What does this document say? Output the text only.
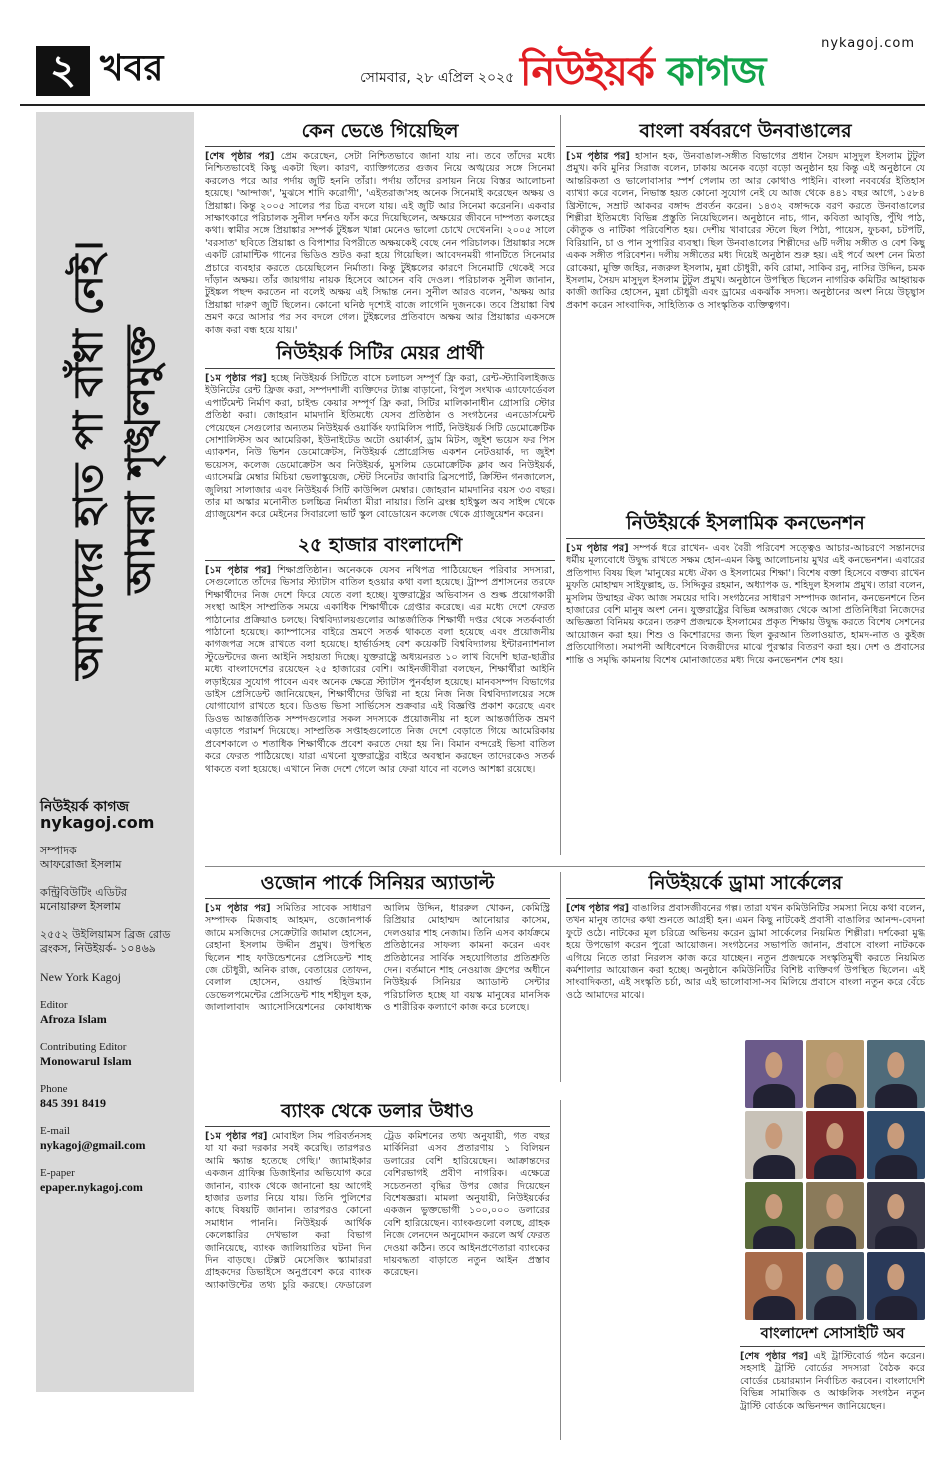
২ খবর	সোমবার, ২৮ এপ্রিল ২০২৫ নিউইয়র্ক কাগজ
nykagoj.com
আমাদের হাত পা বাঁধা নেই। আমরা শৃঙ্খলমুক্ত
নিউইয়র্ক কাগজ
nykagoj.com
সম্পাদক
আফরোজা ইসলাম
কন্ট্রিবিউটিং এডিটর
মনোয়ারুল ইসলাম
২৫৫২ উইলিয়ামস ব্রিজ রোড
ব্রংকস, নিউইয়র্ক- ১০৪৬৯
New York Kagoj
Editor
Afroza Islam
Contributing Editor
Monowarul Islam
Phone
845 391 8419
E-mail
nykagoj@gmail.com
E-paper
epaper.nykagoj.com
কেন ভেঙে গিয়েছিল

[শেষ পৃষ্ঠার পর] প্রেম করেছেন, সেটা নিশ্চিতভাবে জানা যায় না। তবে তাঁদের মধ্যে নিশ্চিতভাবেই কিছু একটা ছিল। কারণ, ব্যাক্তিগতের গুজব নিয়ে অঙ্খয়ের সঙ্গে সিনেমা করলেও পরে আর পর্দায় জুটি হননি তাঁরা। পর্দায় তাঁদের রসায়ন নিয়ে বিস্তর আলোচনা হয়েছে। 'আন্দাজ', 'মুঝসে শাদি করোগী', 'এইতরাজ'সহ অনেক সিনেমাই করেছেন অক্ষয় ও প্রিয়াঙ্কা। কিন্তু ২০০৫ সালের পর চিত্র বদলে যায়। এই জুটি আর সিনেমা করেননি। একবার সাক্ষাৎকারে পরিচালক সুনীল দর্শনও ফাঁস করে দিয়েছিলেন, অক্ষয়ের জীবনে দাম্পত্য কলহের কথা। স্বামীর সঙ্গে প্রিয়াঙ্কার সম্পর্ক টুইঙ্কল খান্না মেনেও ভালো চোখে দেখেননি। ২০০৫ সালে 'বরসাত' ছবিতে প্রিয়াঙ্কা ও বিপাশার বিপরীতে অক্ষয়কেই বেছে নেন পরিচালক। প্রিয়াঙ্কার সঙ্গে একটি রোমান্টিক গানের ভিডিও শুটও করা হয়ে গিয়েছিল। আবেদনময়ী গানটিতে সিনেমার প্রচারে ব্যবহার করতে চেয়েছিলেন নির্মাতা। কিন্তু টুইঙ্কলের কারণে সিনেমাটি থেকেই সরে দাঁড়ান অক্ষয়। তাঁর জায়গায় নায়ক হিসেবে আসেন ববি দেওল। পরিচালক সুনীল জানান, টুইঙ্কল পছন্দ করতেন না বলেই অক্ষয় এই সিদ্ধান্ত নেন। সুনীল আরও বলেন, 'অক্ষয় আর প্রিয়াঙ্কা দারুণ জুটি ছিলেন। কোনো ঘনিষ্ঠ দৃশ্যেই বাজে লাগেনি দুজনকে। তবে প্রিয়াঙ্কা বিশ্ব ভ্রমণ করে আসার পর সব বদলে গেল। টুইঙ্কলের প্রতিবাদে অক্ষয় আর প্রিয়াঙ্কার একসঙ্গে কাজ করা বন্ধ হয়ে যায়।'

নিউইয়র্ক সিটির মেয়র প্রার্থী

[১ম পৃষ্ঠার পর] হচ্ছে নিউইয়র্ক সিটিতে বাসে চলাচল সম্পূর্ণ ফ্রি করা, রেন্ট-স্ট্যাবিলাইজড ইউনিটের রেন্ট ফ্রিজ করা, সম্পদশালী ব্যক্তিদের ট্যাক্স বাড়ানো, বিপুল সংখ্যক এ্যাফোর্ডেবল এপার্টমেন্ট নির্মাণ করা, চাইল্ড কেয়ার সম্পূর্ণ ফ্রি করা, সিটির মালিকানাধীন গ্রোসারি স্টোর প্রতিষ্ঠা করা। জোহরান মামদানি ইতিমধ্যে যেসব প্রতিষ্ঠান ও সংগঠনের এনডোর্সমেন্ট পেয়েছেন সেগুলোর অন্যতম নিউইয়র্ক ওয়ার্কিং ফ্যামিলিস পার্টি, নিউইয়র্ক সিটি ডেমোক্রেটিক সোশালিস্টস অব আমেরিকা, ইউনাইটেড অটো ওয়ার্কার্স, ড্রাম মিটস, জুইশ ভয়েস ফর পিস এ্যাকশন, নিউ ভিশন ডেমোক্রেটস, নিউইয়র্ক প্রোগ্রেসিভ একশন নেটওয়ার্ক, দ্য জুইশ ভয়েসস, কলেজ ডেমোক্রেটস অব নিউইয়র্ক, মুসলিম ডেমোক্রেটিক ক্লাব অব নিউইয়র্ক, এ্যাসেমব্লি মেম্বার মিচিয়া ভেলাস্কুয়েজ, স্টেট সিনেটর জাবারি ব্রিসপোর্ট, ক্রিস্টিন গনজালেস, জুলিয়া সালাজার এবং নিউইয়র্ক সিটি কাউন্সিল মেম্বার। জোহরান মামদানির বয়স ৩৩ বছর। তার মা অস্কার মনোনীত চলচ্চিত্র নির্মাতা মীরা নায়ার। তিনি ব্রংক্স হাইস্কুল অব সাইন্স থেকে গ্র্যাজুয়েশন করে মেইনের সিবারলো ভার্ট স্কুল বোডোয়েন কলেজ থেকে গ্র্যাজুয়েশন করেন।

২৫ হাজার বাংলাদেশি

[১ম পৃষ্ঠার পর] শিক্ষাপ্রতিষ্ঠান। অনেককে যেসব নথিপত্র পাঠিয়েছেন পরিবার সদস্যরা, সেগুলোতে তাঁদের ভিসার স্ট্যাটাস বাতিল হওয়ার কথা বলা হয়েছে। ট্রাম্প প্রশাসনের তরফে শিক্ষার্থীদের নিজ দেশে ফিরে যেতে বলা হচ্ছে। যুক্তরাষ্ট্রের অভিবাসন ও শুল্ক প্রয়োগকারী সংস্থা আইস সাম্প্রতিক সময়ে একাধিক শিক্ষার্থীকে গ্রেপ্তার করেছে। এর মধ্যে দেশে ফেরত পাঠানোর প্রক্রিয়াও চলছে। বিশ্ববিদ্যালয়গুলোর আন্তর্জাতিক শিক্ষার্থী দপ্তর থেকে সতর্কবার্তা পাঠানো হয়েছে। ক্যাম্পাসের বাইরে ভ্রমণে সতর্ক থাকতে বলা হয়েছে এবং প্রয়োজনীয় কাগজপত্র সঙ্গে রাখতে বলা হয়েছে। হার্ভার্ডসহ বেশ কয়েকটি বিশ্ববিদ্যালয় ইন্টারন্যাশনাল স্টুডেন্টদের জন্য আইনি সহায়তা দিচ্ছে। যুক্তরাষ্ট্রে অধ্যয়নরত ১০ লাখ বিদেশি ছাত্র-ছাত্রীর মধ্যে বাংলাদেশের রয়েছেন ২৫ হাজারের বেশি। আইনজীবীরা বলছেন, শিক্ষার্থীরা আইনি লড়াইয়ের সুযোগ পাবেন এবং অনেক ক্ষেত্রে স্ট্যাটাস পুনর্বহাল হয়েছে। মানবসম্পদ বিভাগের ডাইস প্রেসিডেন্ট জানিয়েছেন, শিক্ষার্থীদের উদ্বিগ্ন না হয়ে নিজ নিজ বিশ্ববিদ্যালয়ের সঙ্গে যোগাযোগ রাখতে হবে। ডিওভ ভিসা সার্ভিসেস শুক্রবার এই বিজ্ঞপ্তি প্রকাশ করেছে এবং ডিওভ আন্তর্জাতিক সম্পদগুলোর সকল সদস্যকে প্রয়োজনীয় না হলে আন্তর্জাতিক ভ্রমণ এড়াতে পরামর্শ দিয়েছে। সাম্প্রতিক সপ্তাহগুলোতে নিজ দেশে বেড়াতে গিয়ে আমেরিকায় প্রবেশকালে ৩ শতাধিক শিক্ষার্থীকে প্রবেশ করতে দেয়া হয় নি। বিমান বন্দরেই ভিসা বাতিল করে ফেরত পাঠিয়েছে। যারা এখনো যুক্তরাষ্ট্রের বাইরে অবস্থান করছেন তাদেরকেও সতর্ক থাকতে বলা হয়েছে। এখানে নিজ দেশে গেলে আর ফেরা যাবে না বলেও আশঙ্কা রয়েছে।

ওজোন পার্কে সিনিয়র অ্যাডাল্ট

[১ম পৃষ্ঠার পর] সমিতির সাবেক সাধারণ সম্পাদক মিজবাহ আহমদ, ওজোনপার্ক জামে মসজিদের সেক্রেটারি জামাল হোসেন, রেহানা ইসলাম উদ্দীন প্রমুখ। উপস্থিত ছিলেন শাহ ফাউন্ডেশনের প্রেসিডেন্ট শাহ জে চৌধুরী, অনিক রাজ, বেতায়ের তোফন, বেলাল হোসেন, ওয়ার্ল্ড হিউম্যান ডেভেলপমেন্টের প্রেসিডেন্ট শাহ শহীদুল হক, জালালাবাদ অ্যাসোসিয়েশনের কোষাধ্যক্ষ আলিম উদ্দিন, ধাররুল খোকন, কেমিস্ট্রি রিপ্রিয়ার মোহাম্মদ আনোয়ার কাসেম, দেলওয়ার শাহ নেজাম। তিনি এসব কার্যক্রমে প্রতিষ্ঠানের সাফল্য কামনা করেন এবং প্রতিষ্ঠানের সার্বিক সহযোগিতার প্রতিশ্রুতি দেন। বর্তমানে শাহ নেওয়াজ গ্রুপের অধীনে নিউইয়র্ক সিনিয়র অ্যাডাল্ট সেন্টার পরিচালিত হচ্ছে যা বয়স্ক মানুষের মানসিক ও শারীরিক কল্যাণে কাজ করে চলেছে।

ব্যাংক থেকে ডলার উধাও

[১ম পৃষ্ঠার পর] মোবাইল সিম পরিবর্তনসহ যা যা করা দরকার সবই করেছি। তারপরও আমি ক্ষ্যান্ত হতেছে গেছি।' জ্যামাইকার একজন গ্রাফিক্স ডিজাইনার অভিযোগ করে জানান, ব্যাংক থেকে জানানো হয় আগেই হাজার ডলার নিয়ে যায়। তিনি পুলিশের কাছে বিষয়টি জানান। তারপরও কোনো সমাধান পাননি। নিউইয়র্ক আর্থিক কেলেঙ্কারির দেখভাল করা বিভাগ জানিয়েছে, ব্যাংক জালিয়াতির ঘটনা দিন দিন বাড়ছে। টেক্সট মেসেজিং স্ক্যামাররা গ্রাহকদের ডিভাইসে অনুপ্রবেশ করে ব্যাংক অ্যাকাউন্টের তথ্য চুরি করছে। ফেডারেল ট্রেড কমিশনের তথ্য অনুযায়ী, গত বছর মার্কিনিরা এসব প্রতারণায় ১ বিলিয়ন ডলারের বেশি হারিয়েছেন। আক্রান্তদের বেশিরভাগই প্রবীণ নাগরিক। এক্ষেত্রে সচেতনতা বৃদ্ধির উপর জোর দিয়েছেন বিশেষজ্ঞরা। মামলা অনুযায়ী, নিউইয়র্কের একজন ভুক্তভোগী ১০০,০০০ ডলারের বেশি হারিয়েছেন। ব্যাংকগুলো বলছে, গ্রাহক নিজে লেনদেন অনুমোদন করলে অর্থ ফেরত দেওয়া কঠিন। তবে আইনপ্রণেতারা ব্যাংকের দায়বদ্ধতা বাড়াতে নতুন আইন প্রস্তাব করেছেন।

বাংলা বর্ষবরণে উনবাঙালের

[১ম পৃষ্ঠার পর] হাসান হক, উনবাঙাল-সঙ্গীত বিভাগের প্রধান সৈয়দ মাসুদুল ইসলাম টুটুল প্রমুখ। কবি মুনির সিরাজ বলেন, ঢাকায় অনেক বড়ো বড়ো অনুষ্ঠান হয় কিন্তু এই অনুষ্ঠানে যে আন্তরিকতা ও ভালোবাসার স্পর্শ পেলাম তা আর কোথাও পাইনি। বাংলা নববর্ষের ইতিহাস ব্যাখ্যা করে বলেন, নিভাস্ত হয়ত কোনো সুযোগ নেই যে আজ থেকে ৪৪১ বছর আগে, ১৫৮৪ খ্রিস্টাব্দে, সম্রাট আকবর বঙ্গাব্দ প্রবর্তন করেন। ১৪৩২ বঙ্গাব্দকে বরণ করতে উনবাঙালের শিল্পীরা ইতিমধ্যে বিভিন্ন প্রস্তুতি নিয়েছিলেন। অনুষ্ঠানে নাচ, গান, কবিতা আবৃত্তি, পুঁথি পাঠ, কৌতুক ও নাটিকা পরিবেশিত হয়। দেশীয় খাবারের স্টলে ছিল পিঠা, পায়েস, ফুচকা, চটপটি, বিরিয়ানি, চা ও পান সুপারির ব্যবস্থা। ছিল উনবাঙালের শিল্পীদের ৬টি দলীয় সঙ্গীত ও বেশ কিছু একক সঙ্গীত পরিবেশন। দলীয় সঙ্গীতের মধ্য দিয়েই অনুষ্ঠান শুরু হয়। এই পর্বে অংশ নেন মিতা রোকেয়া, মুক্তি জহির, নজরুল ইসলাম, মুন্না চৌধুরী, কবি রোমা, সাকিব রনু, নাসির উদ্দিন, চমক ইসলাম, সৈয়দ মাসুদুল ইসলাম টুটুল প্রমুখ। অনুষ্ঠানে উপস্থিত ছিলেন নাগরিক কমিটির আহ্বায়ক কাজী জাকির হোসেন, মুন্না চৌধুরী এবং ড্রামের একঝাঁক সদস্য। অনুষ্ঠানের অংশ নিয়ে উচ্ছ্বাস প্রকাশ করেন সাংবাদিক, সাহিত্যিক ও সাংস্কৃতিক ব্যক্তিত্বগণ।

নিউইয়র্কে ইসলামিক কনভেনশন

[১ম পৃষ্ঠার পর] সম্পর্ক ধরে রাখেন- এবং বৈরী পরিবেশ সত্ত্বেও আচার-আচরণে সন্তানদের ধর্মীয় মূল্যবোধে উদ্বুদ্ধ রাখতে সক্ষম হোন-এমন কিছু আলোচনায় মুখর এই কনভেনশন। এবারের প্রতিপাদ্য বিষয় ছিল 'মানুষের মধ্যে ঐক্য ও ইসলামের শিক্ষা'। বিশেষ বক্তা হিসেবে বক্তব্য রাখেন মুফতি মোহাম্মদ সাইফুল্লাহ, ড. সিদ্দিকুর রহমান, অধ্যাপক ড. শহিদুল ইসলাম প্রমুখ। তারা বলেন, মুসলিম উম্মাহর ঐক্য আজ সময়ের দাবি। সংগঠনের সাধারণ সম্পাদক জানান, কনভেনশনে তিন হাজারের বেশি মানুষ অংশ নেন। যুক্তরাষ্ট্রের বিভিন্ন অঙ্গরাজ্য থেকে আসা প্রতিনিধিরা নিজেদের অভিজ্ঞতা বিনিময় করেন। তরুণ প্রজন্মকে ইসলামের প্রকৃত শিক্ষায় উদ্বুদ্ধ করতে বিশেষ সেশনের আয়োজন করা হয়। শিশু ও কিশোরদের জন্য ছিল কুরআন তিলাওয়াত, হামদ-নাত ও কুইজ প্রতিযোগিতা। সমাপনী অধিবেশনে বিজয়ীদের মাঝে পুরস্কার বিতরণ করা হয়। দেশ ও প্রবাসের শান্তি ও সমৃদ্ধি কামনায় বিশেষ মোনাজাতের মধ্য দিয়ে কনভেনশন শেষ হয়।

নিউইয়র্কে ড্রামা সার্কেলের

[শেষ পৃষ্ঠার পর] বাঙালির প্রবাসজীবনের গল্প। তারা যখন কমিউনিটির সমস্যা নিয়ে কথা বলেন, তখন মানুষ তাদের কথা শুনতে আগ্রহী হন। এমন কিছু নাটকেই প্রবাসী বাঙালির আনন্দ-বেদনা ফুটে ওঠে। নাটকের মূল চরিত্রে অভিনয় করেন ড্রামা সার্কেলের নিয়মিত শিল্পীরা। দর্শকেরা মুগ্ধ হয়ে উপভোগ করেন পুরো আয়োজন। সংগঠনের সভাপতি জানান, প্রবাসে বাংলা নাটককে এগিয়ে নিতে তারা নিরলস কাজ করে যাচ্ছেন। নতুন প্রজন্মকে সংস্কৃতিমুখী করতে নিয়মিত কর্মশালার আয়োজন করা হচ্ছে। অনুষ্ঠানে কমিউনিটির বিশিষ্ট ব্যক্তিবর্গ উপস্থিত ছিলেন। এই সাংবাদিকতা, এই সংস্কৃতি চর্চা, আর এই ভালোবাসা-সব মিলিয়ে প্রবাসে বাংলা নতুন করে বেঁচে ওঠে আমাদের মাঝে।

বাংলাদেশ সোসাইটি অব

[শেষ পৃষ্ঠার পর] এই ট্রাস্টিবোর্ড গঠন করেন। সহসাই ট্রাস্টি বোর্ডের সদস্যরা বৈঠক করে বোর্ডের চেয়ারম্যান নির্বাচিত করবেন। বাংলাদেশি বিভিন্ন সামাজিক ও আঞ্চলিক সংগঠন নতুন ট্রাস্টি বোর্ডকে অভিনন্দন জানিয়েছেন।
